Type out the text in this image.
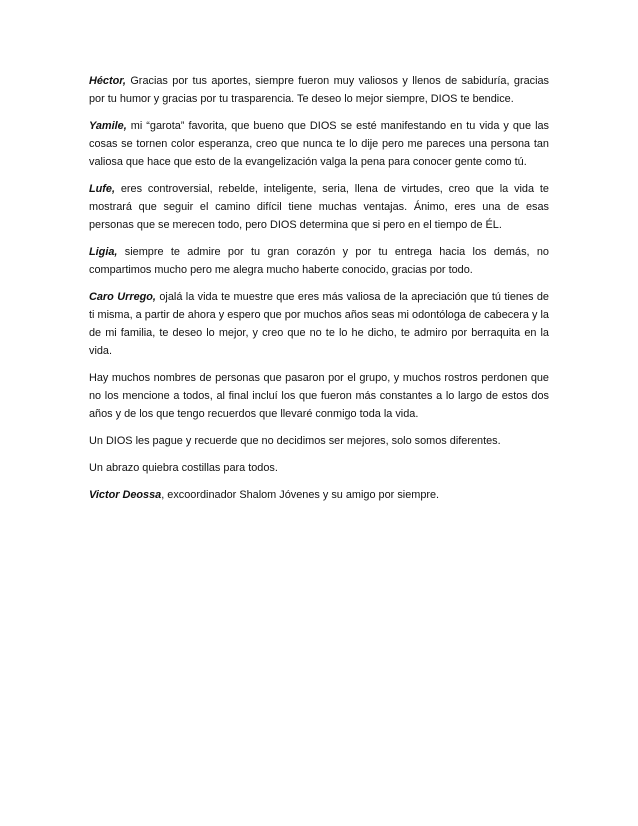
Héctor, Gracias por tus aportes, siempre fueron muy valiosos y llenos de sabiduría, gracias por tu humor y gracias por tu trasparencia. Te deseo lo mejor siempre, DIOS te bendice.

Yamile, mi “garota” favorita, que bueno que DIOS se esté manifestando en tu vida y que las cosas se tornen color esperanza, creo que nunca te lo dije pero me pareces una persona tan valiosa que hace que esto de la evangelización valga la pena para conocer gente como tú.

Lufe, eres controversial, rebelde, inteligente, seria, llena de virtudes, creo que la vida te mostrará que seguir el camino difícil tiene muchas ventajas. Ánimo, eres una de esas personas que se merecen todo, pero DIOS determina que si pero en el tiempo de ÉL.

Ligia, siempre te admire por tu gran corazón y por tu entrega hacia los demás, no compartimos mucho pero me alegra mucho haberte conocido, gracias por todo.

Caro Urrego, ojalá la vida te muestre que eres más valiosa de la apreciación que tú tienes de ti misma, a partir de ahora y espero que por muchos años seas mi odontóloga de cabecera y la de mi familia, te deseo lo mejor, y creo que no te lo he dicho, te admiro por berraquita en la vida.

Hay muchos nombres de personas que pasaron por el grupo, y muchos rostros perdonen que no los mencione a todos, al final incluí los que fueron más constantes a lo largo de estos dos años y de los que tengo recuerdos que llevaré conmigo toda la vida.

Un DIOS les pague y recuerde que no decidimos ser mejores, solo somos diferentes.

Un abrazo quiebra costillas para todos.

Victor Deossa, excoordinador Shalom Jóvenes y su amigo por siempre.
